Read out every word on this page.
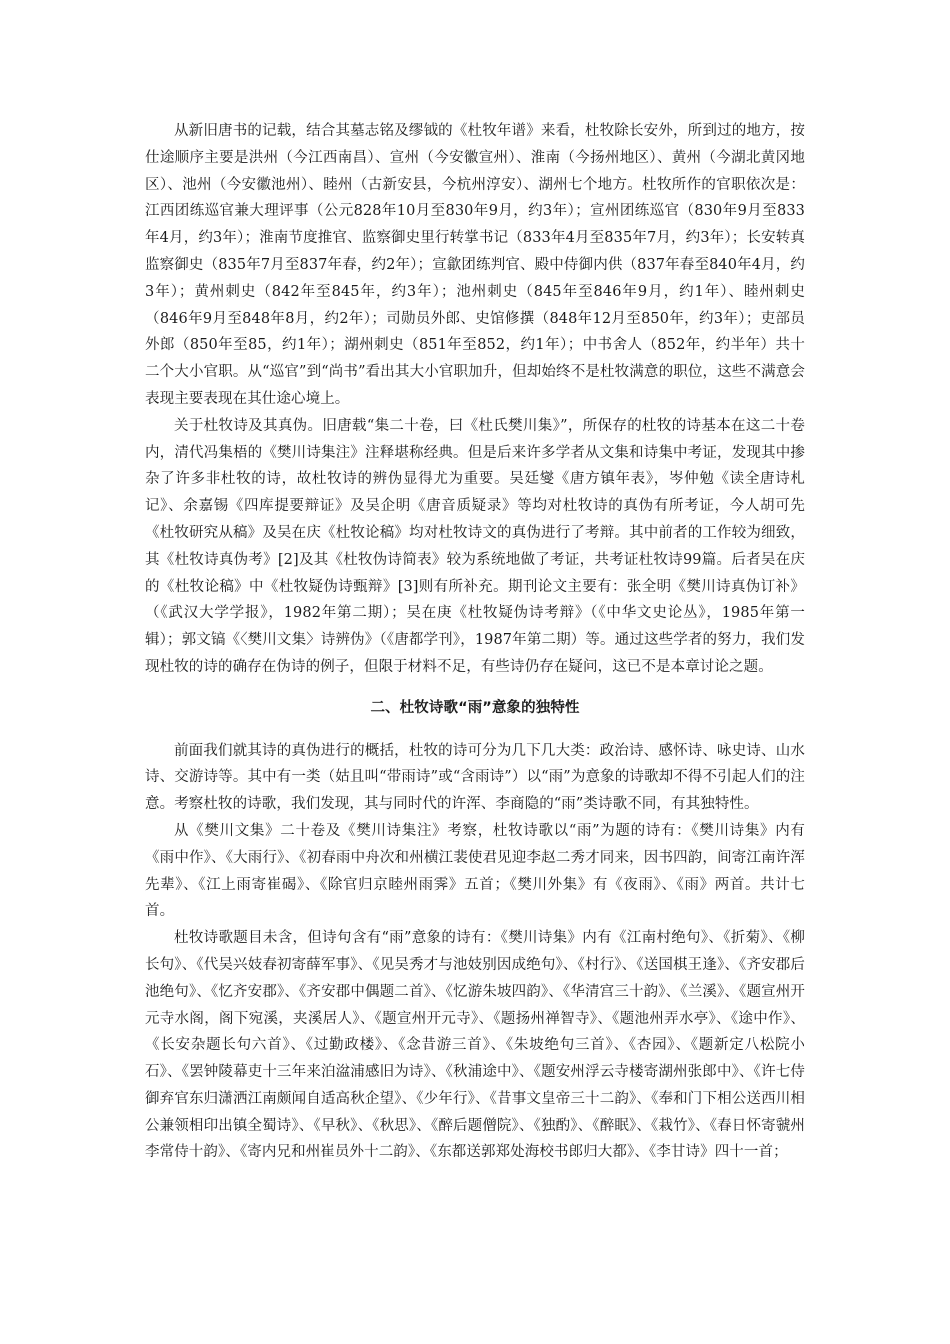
从新旧唐书的记载，结合其墓志铭及缪钺的《杜牧年谱》来看，杜牧除长安外，所到过的地方，按仕途顺序主要是洪州（今江西南昌）、宣州（今安徽宣州）、淮南（今扬州地区）、黄州（今湖北黄冈地区）、池州（今安徽池州）、睦州（古新安县，今杭州淳安）、湖州七个地方。杜牧所作的官职依次是：江西团练巡官兼大理评事（公元828年10月至830年9月，约3年）；宣州团练巡官（830年9月至833年4月，约3年）；淮南节度推官、监察御史里行转掌书记（833年4月至835年7月，约3年）；长安转真监察御史（835年7月至837年春，约2年）；宣歙团练判官、殿中侍御内供（837年春至840年4月，约3年）；黄州刺史（842年至845年，约3年）；池州刺史（845年至846年9月，约1年）、睦州刺史（846年9月至848年8月，约2年）；司勋员外郎、史馆修撰（848年12月至850年，约3年）；吏部员外郎（850年至85，约1年）；湖州刺史（851年至852，约1年）；中书舍人（852年，约半年）共十二个大小官职。从“巡官”到“尚书”看出其大小官职加升，但却始终不是杜牧满意的职位，这些不满意会表现主要表现在其仕途心境上。

关于杜牧诗及其真伪。旧唐载“集二十卷，曰《杜氏樊川集》”，所保存的杜牧的诗基本在这二十卷内，清代冯集梧的《樊川诗集注》注释堪称经典。但是后来许多学者从文集和诗集中考证，发现其中掺杂了许多非杜牧的诗，故杜牧诗的辨伪显得尤为重要。吴廷燮《唐方镇年表》，岑仲勉《读全唐诗札记》、余嘉锡《四库提要辩证》及吴企明《唐音质疑录》等均对杜牧诗的真伪有所考证，今人胡可先《杜牧研究从稿》及吴在庆《杜牧论稿》均对杜牧诗文的真伪进行了考辩。其中前者的工作较为细致，其《杜牧诗真伪考》[2]及其《杜牧伪诗简表》较为系统地做了考证，共考证杜牧诗99篇。后者吴在庆的《杜牧论稿》中《杜牧疑伪诗甄辩》[3]则有所补充。期刊论文主要有：张全明《樊川诗真伪订补》（《武汉大学学报》，1982年第二期）；吴在庚《杜牧疑伪诗考辩》（《中华文史论丛》，1985年第一辑）；郭文镐《〈樊川文集〉诗辨伪》（《唐都学刊》，1987年第二期）等。通过这些学者的努力，我们发现杜牧的诗的确存在伪诗的例子，但限于材料不足，有些诗仍存在疑问，这已不是本章讨论之题。

二、杜牧诗歌“雨”意象的独特性

前面我们就其诗的真伪进行的概括，杜牧的诗可分为几下几大类：政治诗、感怀诗、咏史诗、山水诗、交游诗等。其中有一类（姑且叫“带雨诗”或“含雨诗”）以“雨”为意象的诗歌却不得不引起人们的注意。考察杜牧的诗歌，我们发现，其与同时代的许浑、李商隐的“雨”类诗歌不同，有其独特性。

从《樊川文集》二十卷及《樊川诗集注》考察，杜牧诗歌以“雨”为题的诗有：《樊川诗集》内有《雨中作》、《大雨行》、《初春雨中舟次和州横江裴使君见迎李赵二秀才同来，因书四韵，间寄江南许浑先辈》、《江上雨寄崔碣》、《除官归京睦州雨霁》五首；《樊川外集》有《夜雨》、《雨》两首。共计七首。

杜牧诗歌题目未含，但诗句含有“雨”意象的诗有：《樊川诗集》内有《江南村绝句》、《折菊》、《柳长句》、《代吴兴妓春初寄薛军事》、《见吴秀才与池妓别因成绝句》、《村行》、《送国棋王逢》、《齐安郡后池绝句》、《忆齐安郡》、《齐安郡中偶题二首》、《忆游朱坡四韵》、《华清宫三十韵》、《兰溪》、《题宣州开元寺水阁，阁下宛溪，夹溪居人》、《题宣州开元寺》、《题扬州禅智寺》、《题池州弄水亭》、《途中作》、《长安杂题长句六首》、《过勤政楼》、《念昔游三首》、《朱坡绝句三首》、《杏园》、《题新定八松院小石》、《罢钟陵幕吏十三年来泊湓浦感旧为诗》、《秋浦途中》、《题安州浮云寺楼寄湖州张郎中》、《许七侍御弃官东归潇洒江南颇闻自适高秋企望》、《少年行》、《昔事文皇帝三十二韵》、《奉和门下相公送西川相公兼领相印出镇全蜀诗》、《早秋》、《秋思》、《醉后题僧院》、《独酌》、《醉眠》、《栽竹》、《春日怀寄虢州李常侍十韵》、《寄内兄和州崔员外十二韵》、《东都送郭郑处海校书郎归大都》、《李甘诗》四十一首；
